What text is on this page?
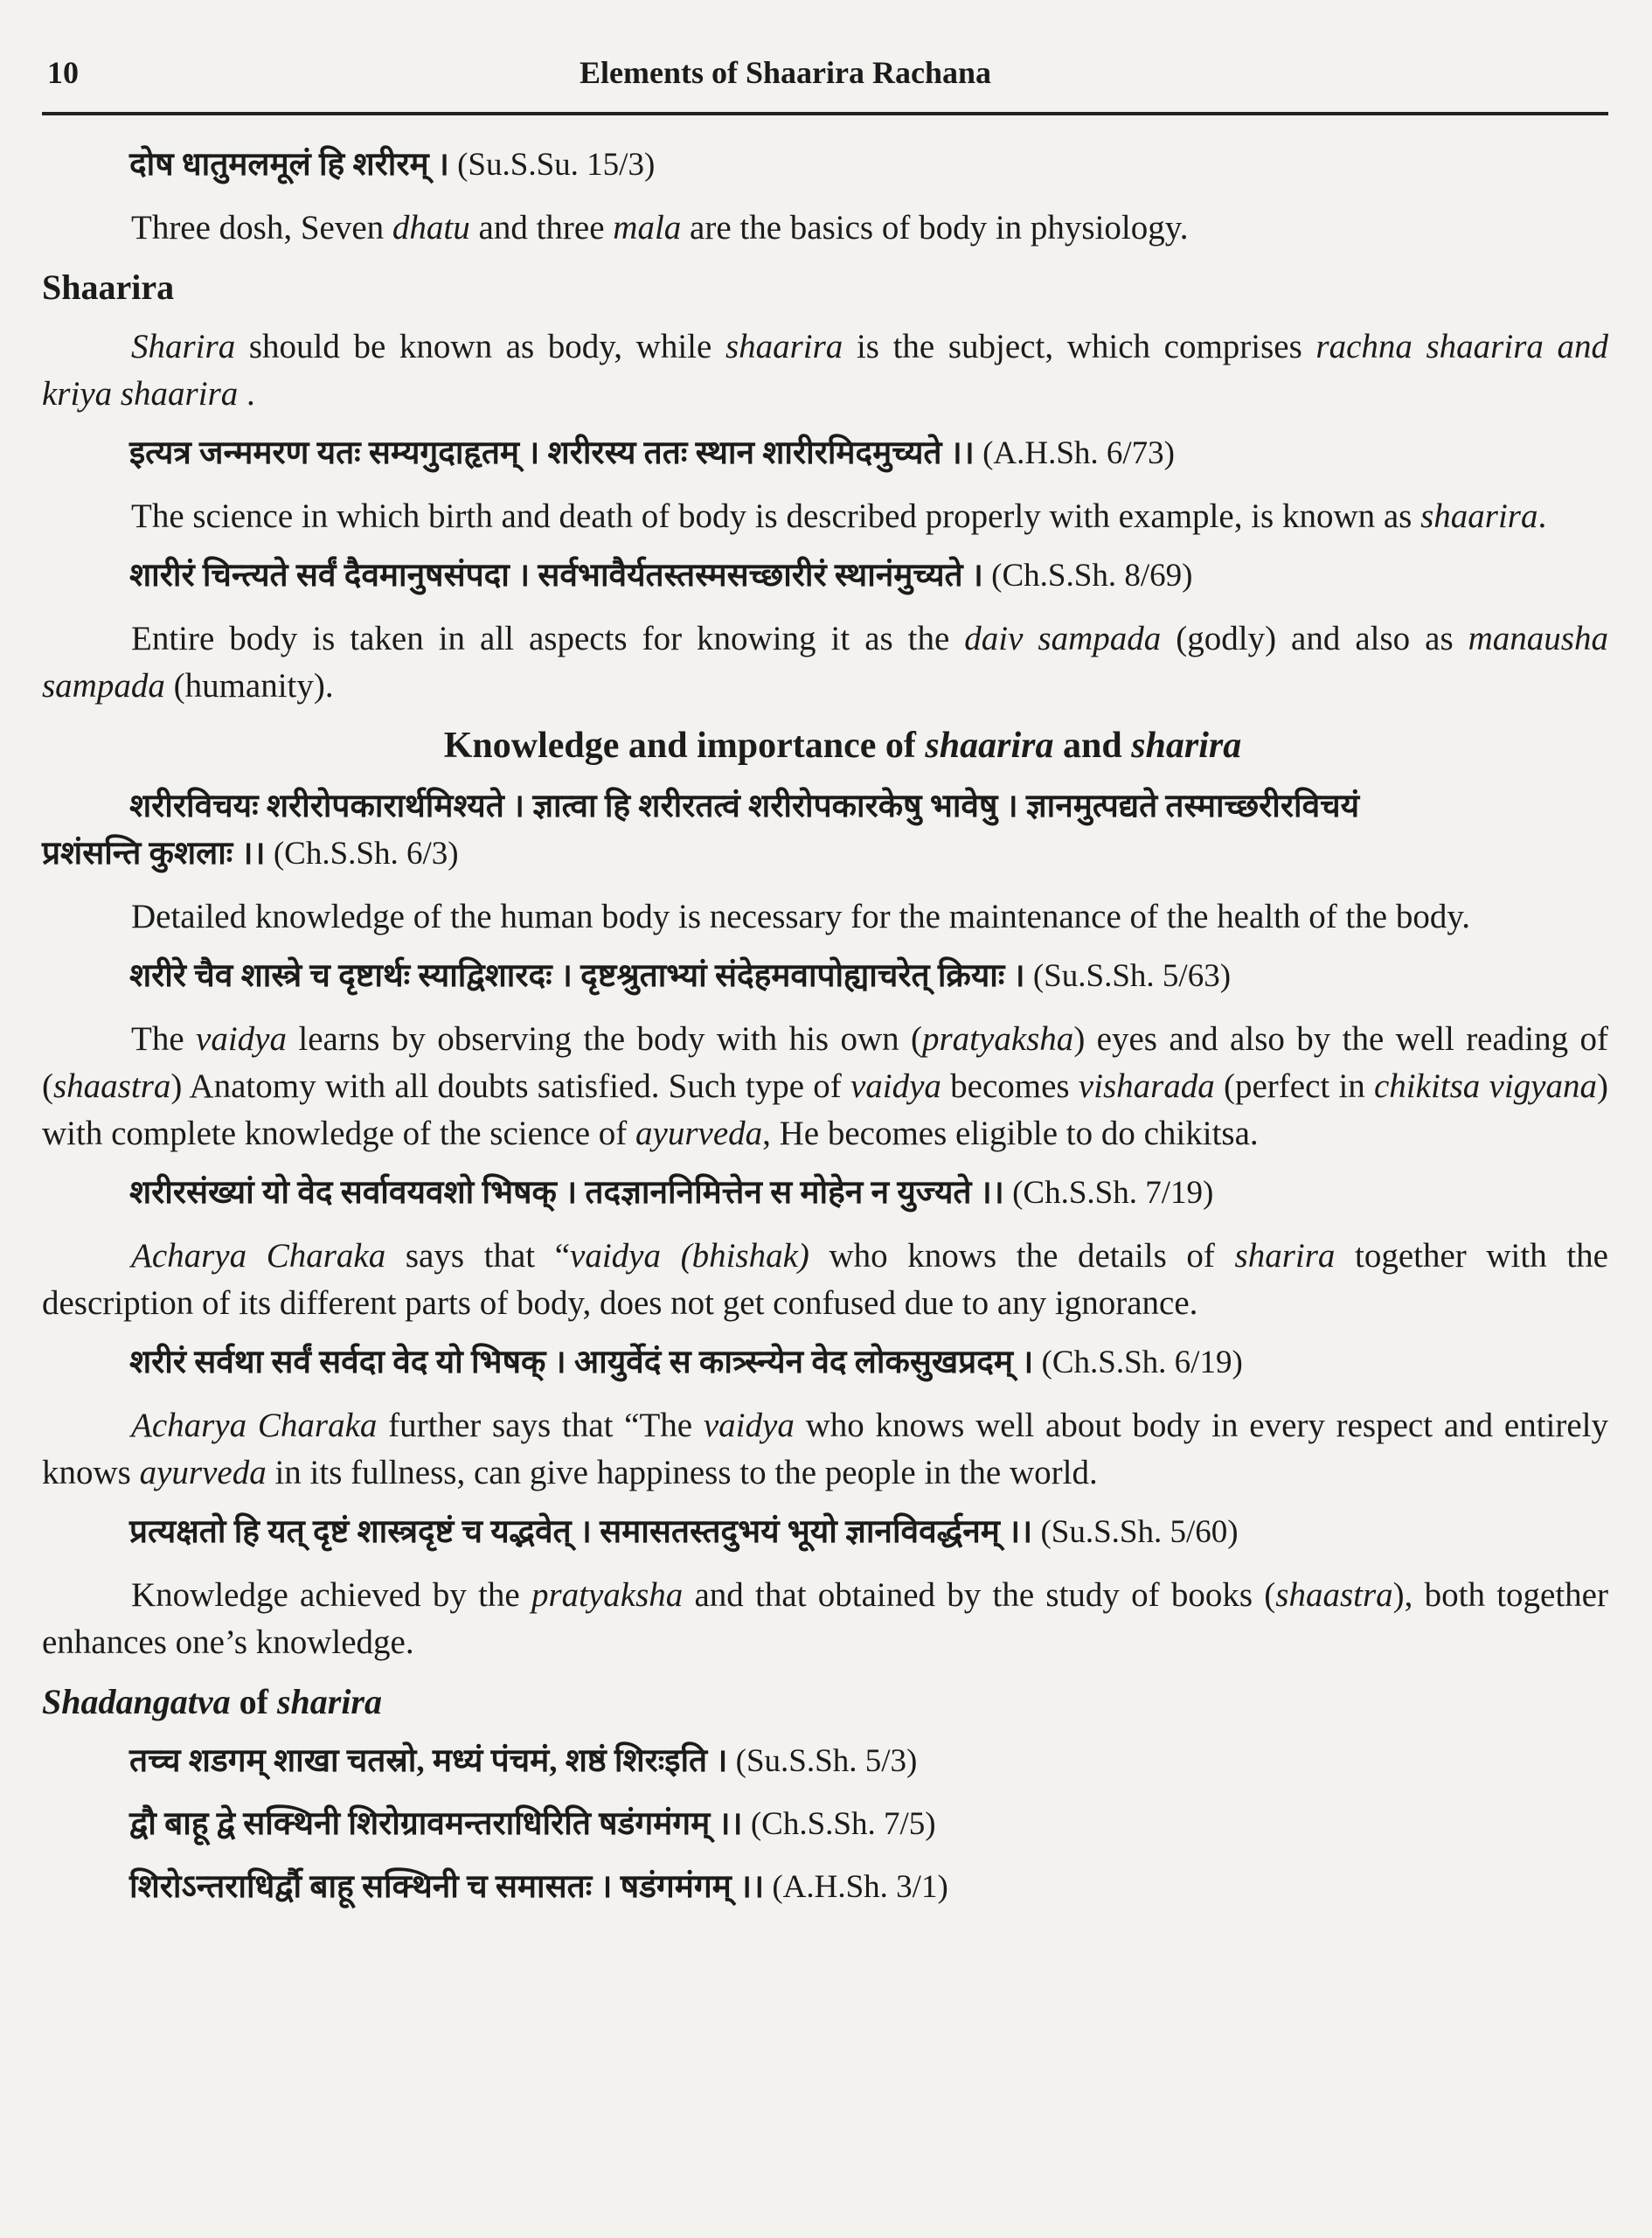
10	Elements of Shaarira Rachana

दोष धातुमलमूलं हि शरीरम् । (Su.S.Su. 15/3)

Three dosh, Seven dhatu and three mala are the basics of body in physiology.

Shaarira

Sharira should be known as body, while shaarira is the subject, which comprises rachna shaarira and kriya shaarira .

इत्यत्र जन्ममरण यतः सम्यगुदाहृतम् । शरीरस्य ततः स्थान शारीरमिदमुच्यते ।। (A.H.Sh. 6/73)

The science in which birth and death of body is described properly with example, is known as shaarira.

शारीरं चिन्त्यते सर्वं दैवमानुषसंपदा । सर्वभावैर्यतस्तस्मसच्छारीरं स्थानंमुच्यते । (Ch.S.Sh. 8/69)

Entire body is taken in all aspects for knowing it as the daiv sampada (godly) and also as manausha sampada (humanity).

Knowledge and importance of shaarira and sharira

शरीरविचयः शरीरोपकारार्थमिश्यते । ज्ञात्वा हि शरीरतत्वं शरीरोपकारकेषु भावेषु । ज्ञानमुत्पद्यते तस्माच्छरीरविचयं
प्रशंसन्ति कुशलाः ।। (Ch.S.Sh. 6/3)

Detailed knowledge of the human body is necessary for the maintenance of the health of the body.

शरीरे चैव शास्त्रे च दृष्टार्थः स्याद्विशारदः । दृष्टश्रुताभ्यां संदेहमवापोह्याचरेत् क्रियाः । (Su.S.Sh. 5/63)

The vaidya learns by observing the body with his own (pratyaksha) eyes and also by the well reading of (shaastra) Anatomy with all doubts satisfied. Such type of vaidya becomes visharada (perfect in chikitsa vigyana) with complete knowledge of the science of ayurveda, He becomes eligible to do chikitsa.

शरीरसंख्यां यो वेद सर्वावयवशो भिषक् । तदज्ञाननिमित्तेन स मोहेन न युज्यते ।। (Ch.S.Sh. 7/19)

Acharya Charaka says that “vaidya (bhishak) who knows the details of sharira together with the description of its different parts of body, does not get confused due to any ignorance.

शरीरं सर्वथा सर्वं सर्वदा वेद यो भिषक् । आयुर्वेदं स कात्र्स्न्येन वेद लोकसुखप्रदम् । (Ch.S.Sh. 6/19)

Acharya Charaka further says that “The vaidya who knows well about body in every respect and entirely knows ayurveda in its fullness, can give happiness to the people in the world.

प्रत्यक्षतो हि यत् दृष्टं शास्त्रदृष्टं च यद्भवेत् । समासतस्तदुभयं भूयो ज्ञानविवर्द्धनम् ।। (Su.S.Sh. 5/60)

Knowledge achieved by the pratyaksha and that obtained by the study of books (shaastra), both together enhances one’s knowledge.

Shadangatva of sharira

तच्च शडगम् शाखा चतस्रो, मध्यं पंचमं, शष्ठं शिरःइति । (Su.S.Sh. 5/3)

द्वौ बाहू द्वे सक्थिनी शिरोग्रावमन्तराधिरिति षडंगमंगम् ।। (Ch.S.Sh. 7/5)

शिरोऽन्तराधिर्द्वौ बाहू सक्थिनी च समासतः । षडंगमंगम् ।। (A.H.Sh. 3/1)
